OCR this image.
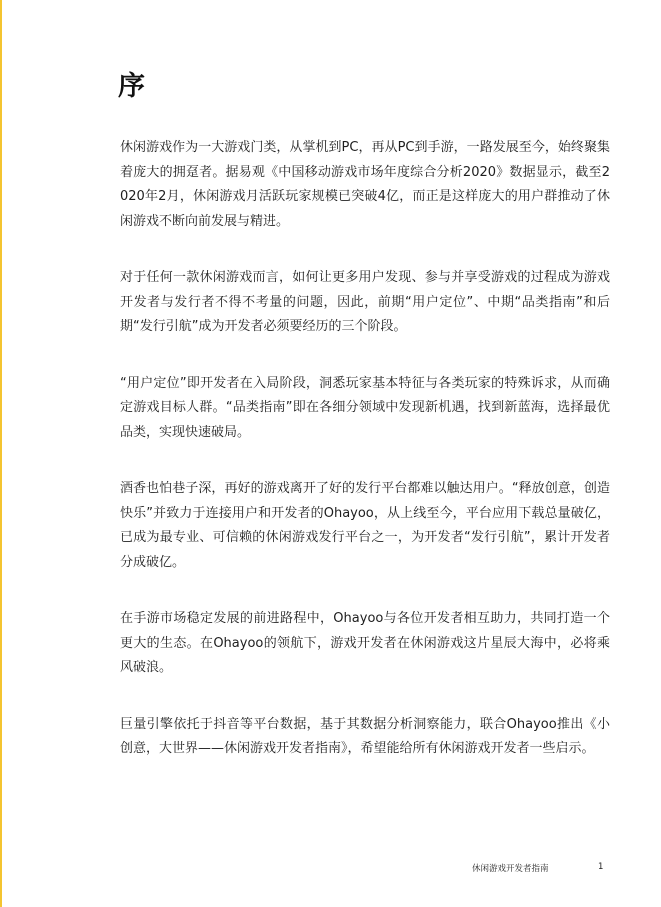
序

休闲游戏作为一大游戏门类，从掌机到PC，再从PC到手游，一路发展至今，始终聚集着庞大的拥趸者。据易观《中国移动游戏市场年度综合分析2020》数据显示，截至2020年2月，休闲游戏月活跃玩家规模已突破4亿，而正是这样庞大的用户群推动了休闲游戏不断向前发展与精进。

对于任何一款休闲游戏而言，如何让更多用户发现、参与并享受游戏的过程成为游戏开发者与发行者不得不考量的问题，因此，前期“用户定位”、中期“品类指南”和后期“发行引航”成为开发者必须要经历的三个阶段。

“用户定位”即开发者在入局阶段，洞悉玩家基本特征与各类玩家的特殊诉求，从而确定游戏目标人群。“品类指南”即在各细分领域中发现新机遇，找到新蓝海，选择最优品类，实现快速破局。

酒香也怕巷子深，再好的游戏离开了好的发行平台都难以触达用户。“释放创意，创造快乐”并致力于连接用户和开发者的Ohayoo，从上线至今，平台应用下载总量破亿，已成为最专业、可信赖的休闲游戏发行平台之一，为开发者“发行引航”，累计开发者分成破亿。

在手游市场稳定发展的前进路程中，Ohayoo与各位开发者相互助力，共同打造一个更大的生态。在Ohayoo的领航下，游戏开发者在休闲游戏这片星辰大海中，必将乘风破浪。

巨量引擎依托于抖音等平台数据，基于其数据分析洞察能力，联合Ohayoo推出《小创意，大世界——休闲游戏开发者指南》，希望能给所有休闲游戏开发者一些启示。

休闲游戏开发者指南	1
